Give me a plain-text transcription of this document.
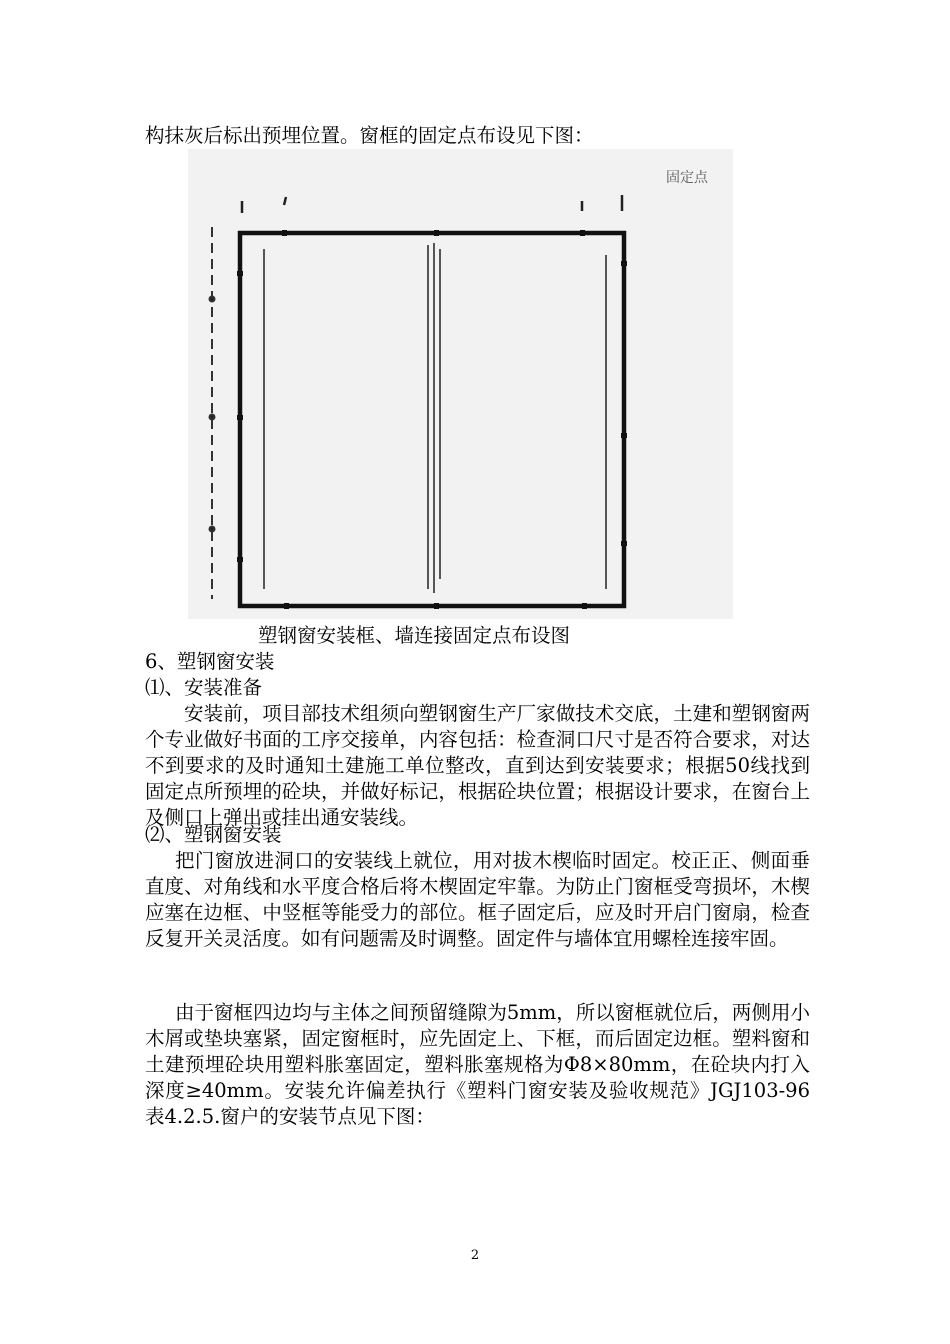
构抹灰后标出预埋位置。窗框的固定点布设见下图：
固定点
塑钢窗安装框、墙连接固定点布设图
6、塑钢窗安装
⑴、安装准备
安装前，项目部技术组须向塑钢窗生产厂家做技术交底，土建和塑钢窗两个专业做好书面的工序交接单，内容包括：检查洞口尺寸是否符合要求，对达不到要求的及时通知土建施工单位整改，直到达到安装要求；根据50线找到固定点所预埋的砼块，并做好标记，根据砼块位置；根据设计要求，在窗台上及侧口上弹出或挂出通安装线。
⑵、塑钢窗安装
把门窗放进洞口的安装线上就位，用对拔木楔临时固定。校正正、侧面垂直度、对角线和水平度合格后将木楔固定牢靠。为防止门窗框受弯损坏，木楔应塞在边框、中竖框等能受力的部位。框子固定后，应及时开启门窗扇，检查反复开关灵活度。如有问题需及时调整。固定件与墙体宜用螺栓连接牢固。
由于窗框四边均与主体之间预留缝隙为5mm，所以窗框就位后，两侧用小木屑或垫块塞紧，固定窗框时，应先固定上、下框，而后固定边框。塑料窗和土建预埋砼块用塑料胀塞固定，塑料胀塞规格为Φ8×80mm，在砼块内打入深度≥40mm。安装允许偏差执行《塑料门窗安装及验收规范》JGJ103-96表4.2.5.窗户的安装节点见下图：
2
